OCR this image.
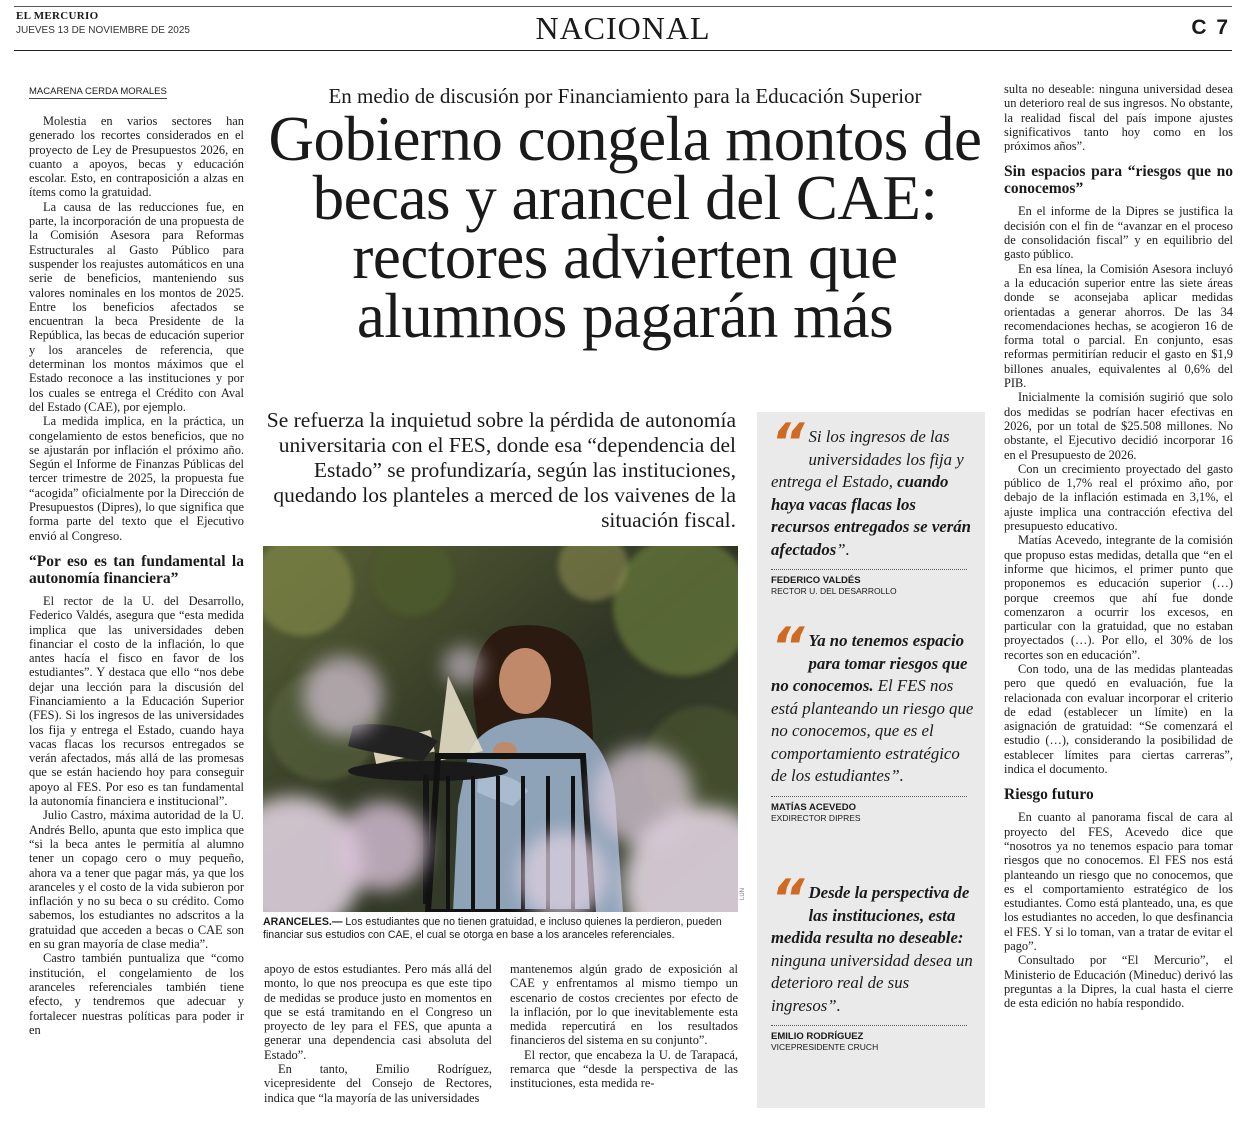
EL MERCURIO
JUEVES 13 DE NOVIEMBRE DE 2025	NACIONAL	C 7
MACARENA CERDA MORALES

Molestia en varios sectores han generado los recortes considerados en el proyecto de Ley de Presupuestos 2026, en cuanto a apoyos, becas y educación escolar. Esto, en contraposición a alzas en ítems como la gratuidad.

La causa de las reducciones fue, en parte, la incorporación de una propuesta de la Comisión Asesora para Reformas Estructurales al Gasto Público para suspender los reajustes automáticos en una serie de beneficios, manteniendo sus valores nominales en los montos de 2025. Entre los beneficios afectados se encuentran la beca Presidente de la República, las becas de educación superior y los aranceles de referencia, que determinan los montos máximos que el Estado reconoce a las instituciones y por los cuales se entrega el Crédito con Aval del Estado (CAE), por ejemplo.

La medida implica, en la práctica, un congelamiento de estos beneficios, que no se ajustarán por inflación el próximo año. Según el Informe de Finanzas Públicas del tercer trimestre de 2025, la propuesta fue “acogida” oficialmente por la Dirección de Presupuestos (Dipres), lo que significa que forma parte del texto que el Ejecutivo envió al Congreso.

“Por eso es tan fundamental la autonomía financiera”

El rector de la U. del Desarrollo, Federico Valdés, asegura que “esta medida implica que las universidades deben financiar el costo de la inflación, lo que antes hacía el fisco en favor de los estudiantes”. Y destaca que ello “nos debe dejar una lección para la discusión del Financiamiento a la Educación Superior (FES). Si los ingresos de las universidades los fija y entrega el Estado, cuando haya vacas flacas los recursos entregados se verán afectados, más allá de las promesas que se están haciendo hoy para conseguir apoyo al FES. Por eso es tan fundamental la autonomía financiera e institucional”.

Julio Castro, máxima autoridad de la U. Andrés Bello, apunta que esto implica que “si la beca antes le permitía al alumno tener un copago cero o muy pequeño, ahora va a tener que pagar más, ya que los aranceles y el costo de la vida subieron por inflación y no su beca o su crédito. Como sabemos, los estudiantes no adscritos a la gratuidad que acceden a becas o CAE son en su gran mayoría de clase media”.

Castro también puntualiza que “como institución, el congelamiento de los aranceles referenciales también tiene efecto, y tendremos que adecuar y fortalecer nuestras políticas para poder ir en

En medio de discusión por Financiamiento para la Educación Superior
Gobierno congela montos de becas y arancel del CAE: rectores advierten que alumnos pagarán más
Se refuerza la inquietud sobre la pérdida de autonomía universitaria con el FES, donde esa “dependencia del Estado” se profundizaría, según las instituciones, quedando los planteles a merced de los vaivenes de la situación fiscal.
LUN
ARANCELES.— Los estudiantes que no tienen gratuidad, e incluso quienes la perdieron, pueden financiar sus estudios con CAE, el cual se otorga en base a los aranceles referenciales.

apoyo de estos estudiantes. Pero más allá del monto, lo que nos preocupa es que este tipo de medidas se produce justo en momentos en que se está tramitando en el Congreso un proyecto de ley para el FES, que apunta a generar una dependencia casi absoluta del Estado”.

En tanto, Emilio Rodríguez, vicepresidente del Consejo de Rectores, indica que “la mayoría de las universidades

mantenemos algún grado de exposición al CAE y enfrentamos al mismo tiempo un escenario de costos crecientes por efecto de la inflación, por lo que inevitablemente esta medida repercutirá en los resultados financieros del sistema en su conjunto”.

El rector, que encabeza la U. de Tarapacá, remarca que “desde la perspectiva de las instituciones, esta medida re-

“ Si los ingresos de las universidades los fija y entrega el Estado, cuando haya vacas flacas los recursos entregados se verán afectados”.
FEDERICO VALDÉS
RECTOR U. DEL DESARROLLO
“ Ya no tenemos espacio para tomar riesgos que no conocemos. El FES nos está planteando un riesgo que no conocemos, que es el comportamiento estratégico de los estudiantes”.
MATÍAS ACEVEDO
EXDIRECTOR DIPRES
“ Desde la perspectiva de las instituciones, esta medida resulta no deseable: ninguna universidad desea un deterioro real de sus ingresos”.
EMILIO RODRÍGUEZ
VICEPRESIDENTE CRUCH

sulta no deseable: ninguna universidad desea un deterioro real de sus ingresos. No obstante, la realidad fiscal del país impone ajustes significativos tanto hoy como en los próximos años”.

Sin espacios para “riesgos que no conocemos”

En el informe de la Dipres se justifica la decisión con el fin de “avanzar en el proceso de consolidación fiscal” y en equilibrio del gasto público.

En esa línea, la Comisión Asesora incluyó a la educación superior entre las siete áreas donde se aconsejaba aplicar medidas orientadas a generar ahorros. De las 34 recomendaciones hechas, se acogieron 16 de forma total o parcial. En conjunto, esas reformas permitirían reducir el gasto en $1,9 billones anuales, equivalentes al 0,6% del PIB.

Inicialmente la comisión sugirió que solo dos medidas se podrían hacer efectivas en 2026, por un total de $25.508 millones. No obstante, el Ejecutivo decidió incorporar 16 en el Presupuesto de 2026.

Con un crecimiento proyectado del gasto público de 1,7% real el próximo año, por debajo de la inflación estimada en 3,1%, el ajuste implica una contracción efectiva del presupuesto educativo.

Matías Acevedo, integrante de la comisión que propuso estas medidas, detalla que “en el informe que hicimos, el primer punto que proponemos es educación superior (…) porque creemos que ahí fue donde comenzaron a ocurrir los excesos, en particular con la gratuidad, que no estaban proyectados (…). Por ello, el 30% de los recortes son en educación”.

Con todo, una de las medidas planteadas pero que quedó en evaluación, fue la relacionada con evaluar incorporar el criterio de edad (establecer un límite) en la asignación de gratuidad: “Se comenzará el estudio (…), considerando la posibilidad de establecer límites para ciertas carreras”, indica el documento.

Riesgo futuro

En cuanto al panorama fiscal de cara al proyecto del FES, Acevedo dice que “nosotros ya no tenemos espacio para tomar riesgos que no conocemos. El FES nos está planteando un riesgo que no conocemos, que es el comportamiento estratégico de los estudiantes. Como está planteado, una, es que los estudiantes no acceden, lo que desfinancia el FES. Y si lo toman, van a tratar de evitar el pago”.

Consultado por “El Mercurio”, el Ministerio de Educación (Mineduc) derivó las preguntas a la Dipres, la cual hasta el cierre de esta edición no había respondido.
